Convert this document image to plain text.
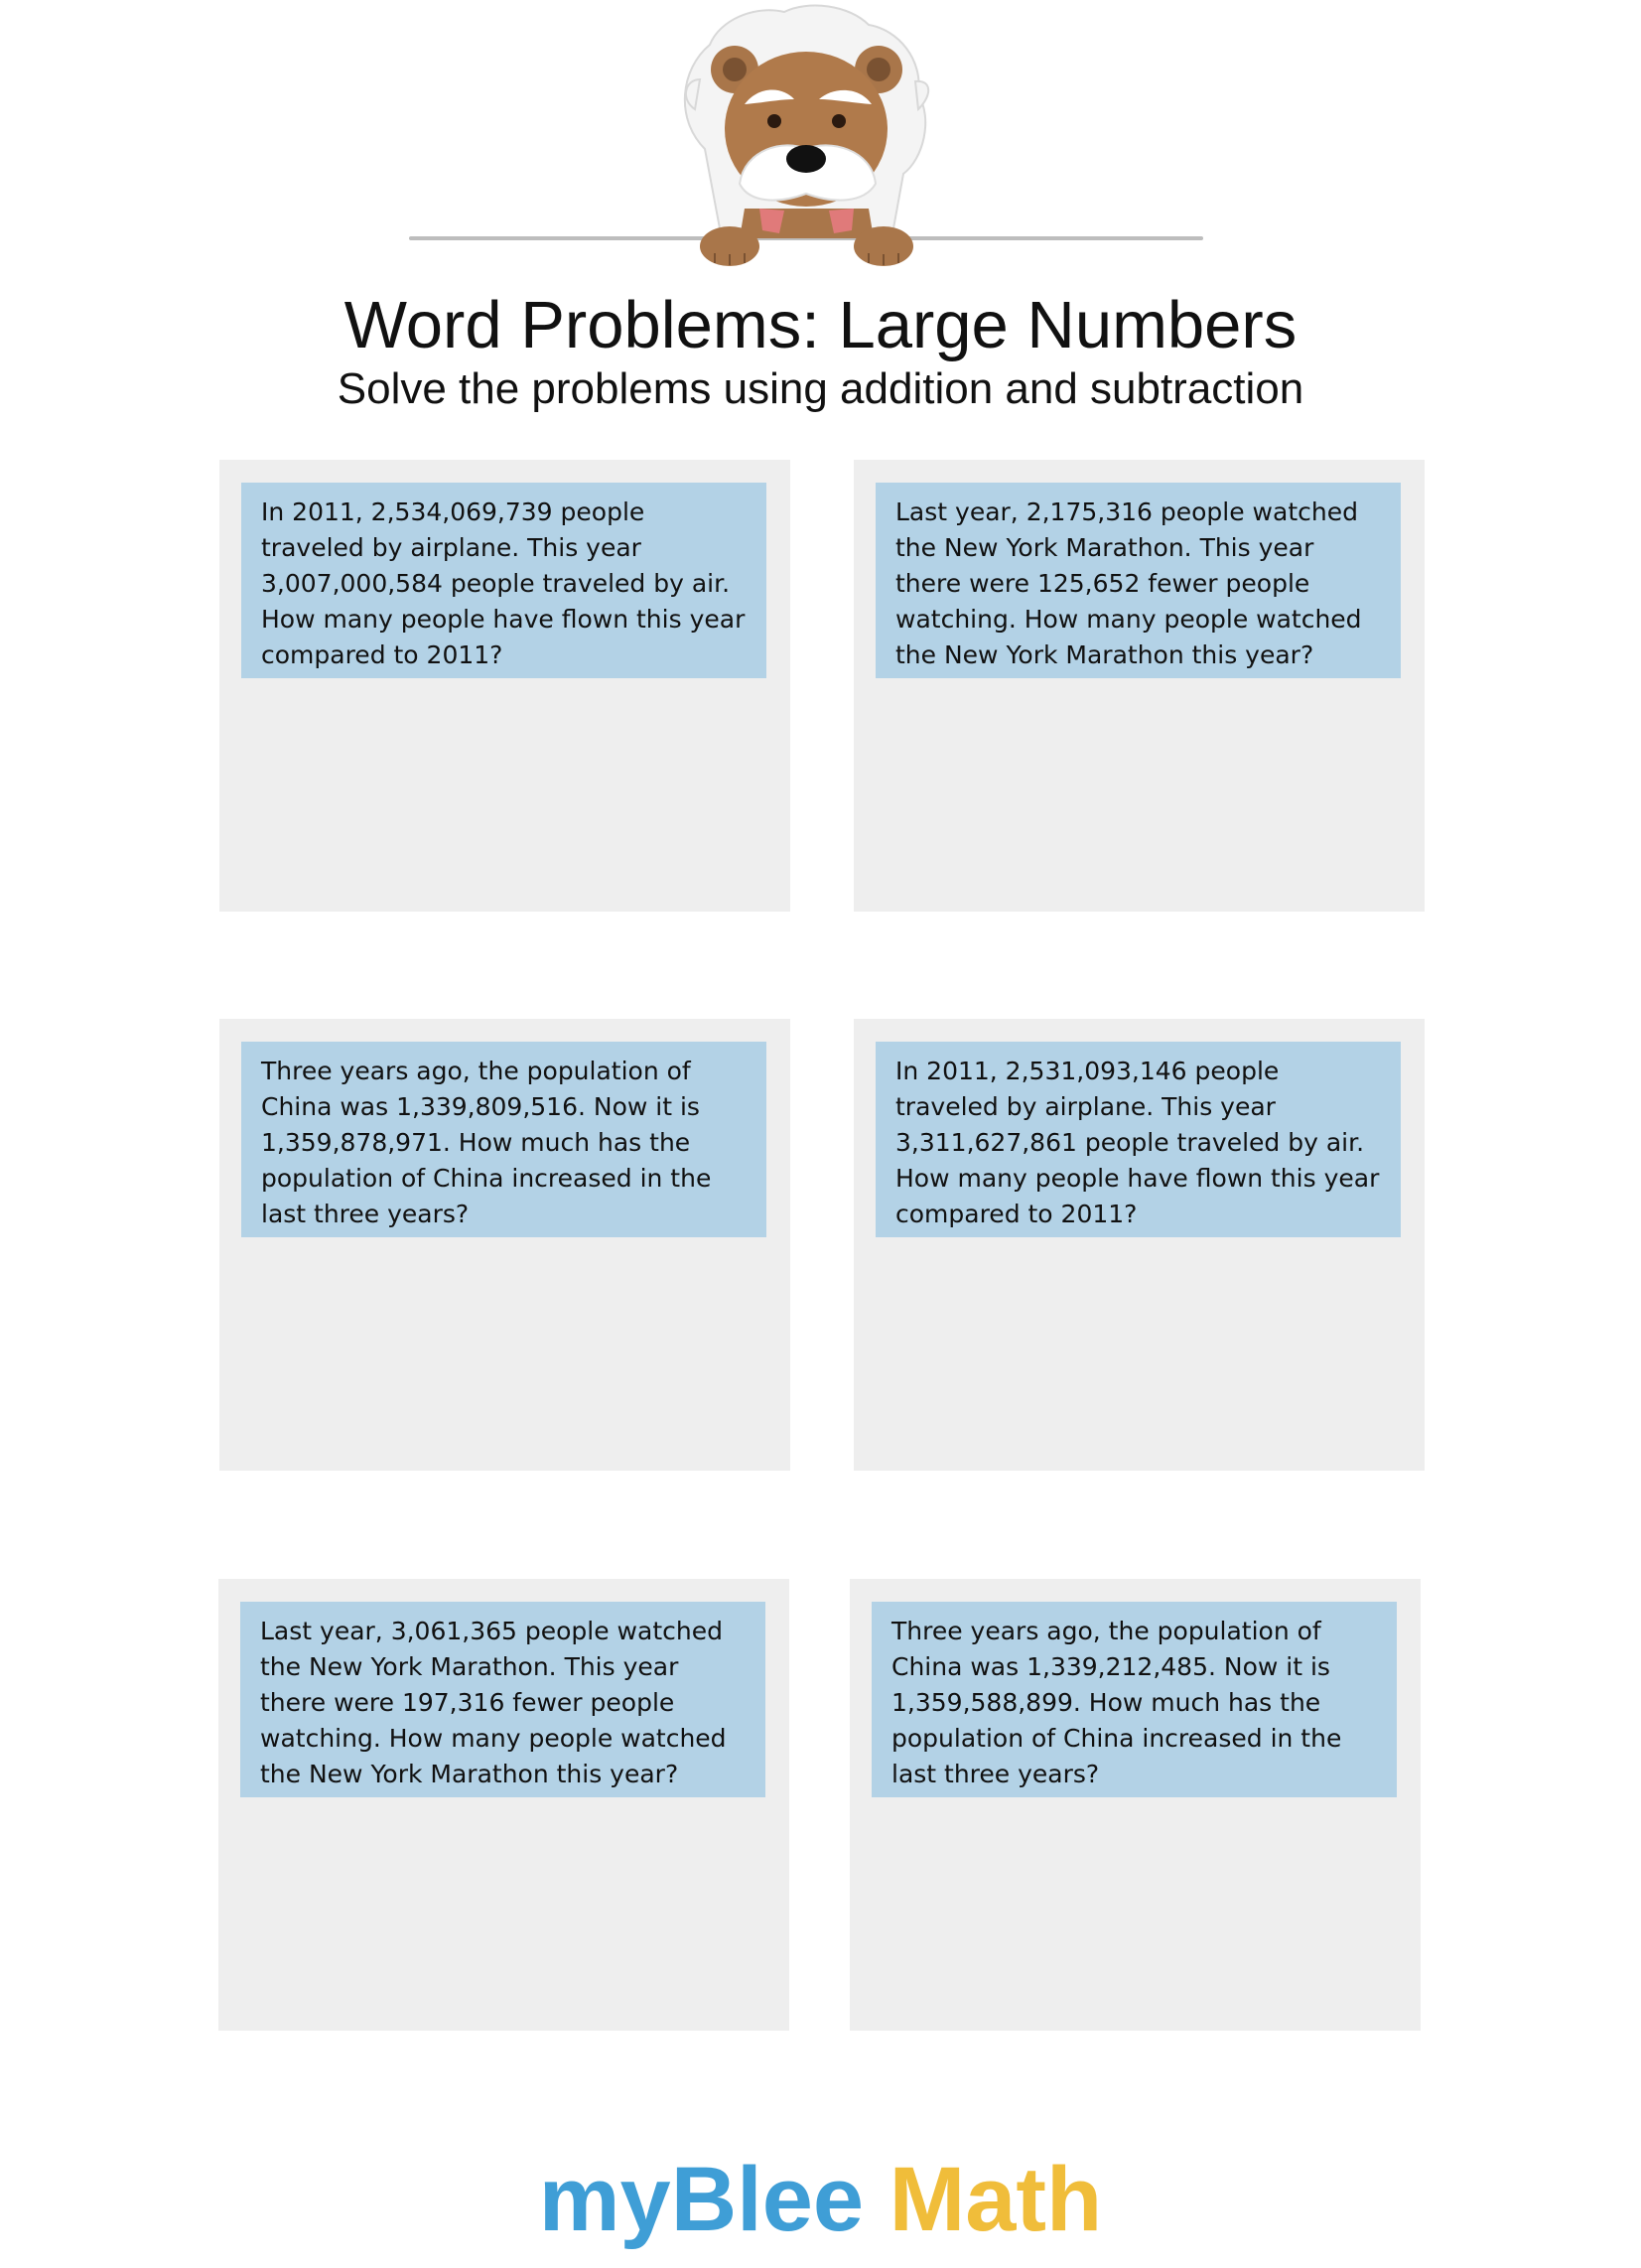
Word Problems: Large Numbers
Solve the problems using addition and subtraction
In 2011, 2,534,069,739 people traveled by airplane. This year 3,007,000,584 people traveled by air. How many people have flown this year compared to 2011?
Last year, 2,175,316 people watched the New York Marathon. This year there were 125,652 fewer people watching. How many people watched the New York Marathon this year?
Three years ago, the population of China was 1,339,809,516. Now it is 1,359,878,971. How much has the population of China increased in the last three years?
In 2011, 2,531,093,146 people traveled by airplane. This year 3,311,627,861 people traveled by air. How many people have flown this year compared to 2011?
Last year, 3,061,365 people watched the New York Marathon. This year there were 197,316 fewer people watching. How many people watched the New York Marathon this year?
Three years ago, the population of China was 1,339,212,485. Now it is 1,359,588,899. How much has the population of China increased in the last three years?
myBlee Math
